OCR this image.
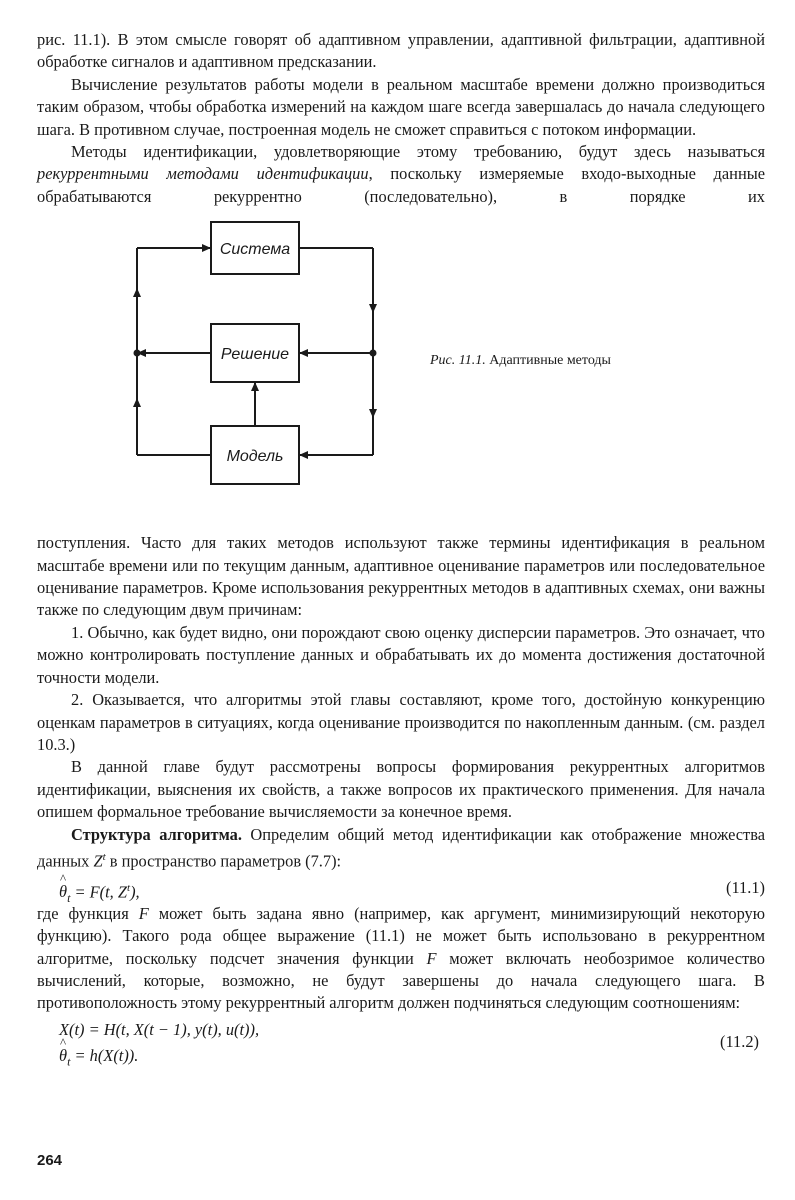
рис. 11.1). В этом смысле говорят об адаптивном управлении, адаптивной фильтрации, адаптивной обработке сигналов и адаптивном предсказании.

Вычисление результатов работы модели в реальном масштабе времени должно производиться таким образом, чтобы обработка измерений на каждом шаге всегда завершалась до начала следующего шага. В противном случае, построенная модель не сможет справиться с потоком информации.

Методы идентификации, удовлетворяющие этому требованию, будут здесь называться рекуррентными методами идентификации, поскольку измеряемые входо-выходные данные обрабатываются рекуррентно (последовательно), в порядке их

Система
Решение
Модель
Рис. 11.1. Адаптивные методы

поступления. Часто для таких методов используют также термины идентификация в реальном масштабе времени или по текущим данным, адаптивное оценивание параметров или последовательное оценивание параметров. Кроме использования рекуррентных методов в адаптивных схемах, они важны также по следующим двум причинам:

1. Обычно, как будет видно, они порождают свою оценку дисперсии параметров. Это означает, что можно контролировать поступление данных и обрабатывать их до момента достижения достаточной точности модели.

2. Оказывается, что алгоритмы этой главы составляют, кроме того, достойную конкуренцию оценкам параметров в ситуациях, когда оценивание производится по накопленным данным. (см. раздел 10.3.)

В данной главе будут рассмотрены вопросы формирования рекуррентных алгоритмов идентификации, выяснения их свойств, а также вопросов их практического применения. Для начала опишем формальное требование вычисляемости за конечное время.

Структура алгоритма. Определим общий метод идентификации как отображение множества данных $Z^t$ в пространство параметров (7.7):

^ $\theta_t = F(t$, $Z^t$),	(11.1)

где функция F может быть задана явно (например, как аргумент, минимизирующий некоторую функцию). Такого рода общее выражение (11.1) не может быть использовано в рекуррентном алгоритме, поскольку подсчет значения функции F может включать необозримое количество вычислений, которые, возможно, не будут завершены до начала следующего шага. В противоположность этому рекуррентный алгоритм должен подчиняться следующим соотношениям:

X(t) = H(t, X(t − 1), y(t), u(t)),
^ $\theta_t = h(X(t))$.
(11.2)
264
